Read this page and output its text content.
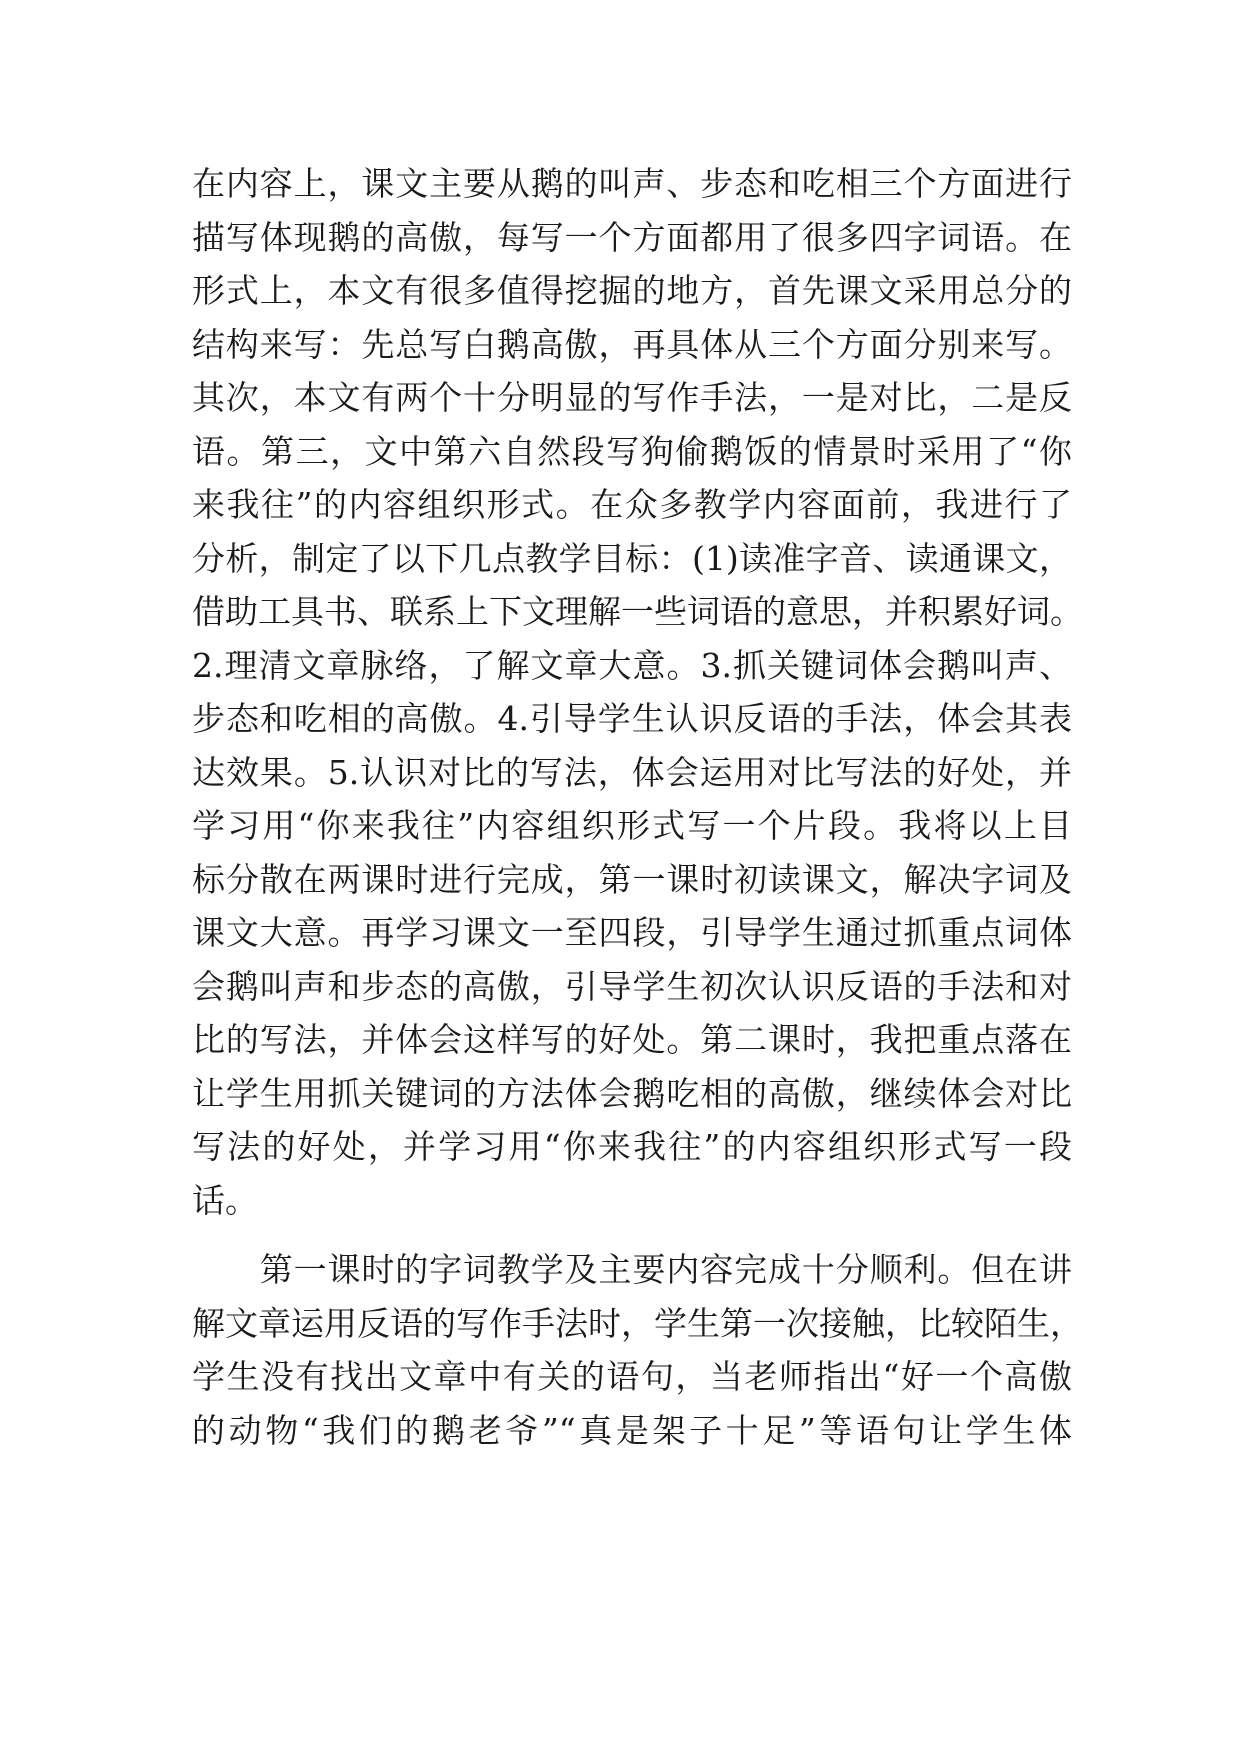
在内容上，课文主要从鹅的叫声、步态和吃相三个方面进行
描写体现鹅的高傲，每写一个方面都用了很多四字词语。在
形式上，本文有很多值得挖掘的地方，首先课文采用总分的
结构来写：先总写白鹅高傲，再具体从三个方面分别来写。
其次，本文有两个十分明显的写作手法，一是对比，二是反
语。第三，文中第六自然段写狗偷鹅饭的情景时采用了“你
来我往”的内容组织形式。在众多教学内容面前，我进行了
分析，制定了以下几点教学目标：(1)读准字音、读通课文，
借助工具书、联系上下文理解一些词语的意思，并积累好词。
2.理清文章脉络，了解文章大意。3.抓关键词体会鹅叫声、
步态和吃相的高傲。4.引导学生认识反语的手法，体会其表
达效果。5.认识对比的写法，体会运用对比写法的好处，并
学习用“你来我往”内容组织形式写一个片段。我将以上目
标分散在两课时进行完成，第一课时初读课文，解决字词及
课文大意。再学习课文一至四段，引导学生通过抓重点词体
会鹅叫声和步态的高傲，引导学生初次认识反语的手法和对
比的写法，并体会这样写的好处。第二课时，我把重点落在
让学生用抓关键词的方法体会鹅吃相的高傲，继续体会对比
写法的好处，并学习用“你来我往”的内容组织形式写一段
话。
　　第一课时的字词教学及主要内容完成十分顺利。但在讲
解文章运用反语的写作手法时，学生第一次接触，比较陌生，
学生没有找出文章中有关的语句，当老师指出“好一个高傲
的动物“我们的鹅老爷”“真是架子十足”等语句让学生体
